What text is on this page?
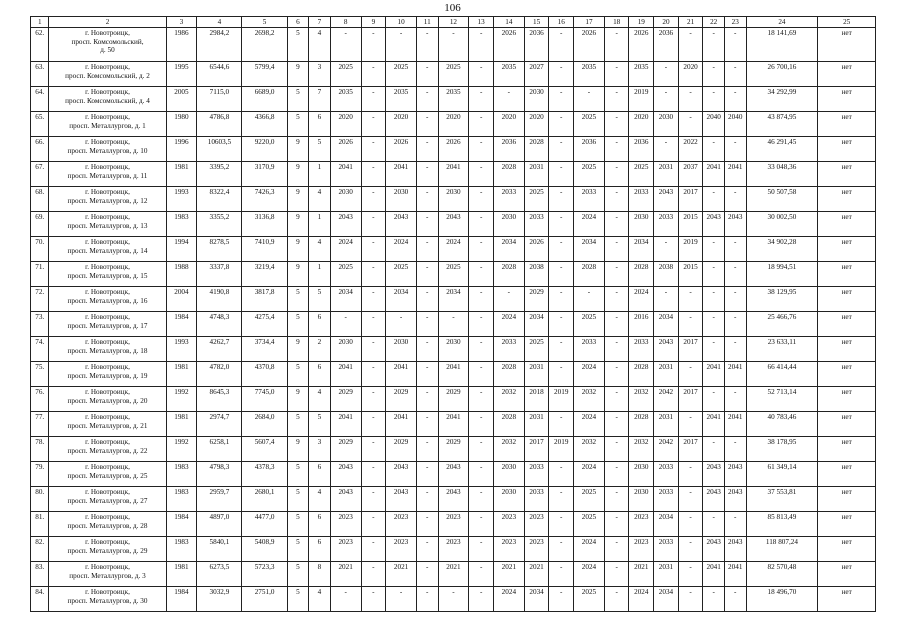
106
1	2	3	4	5	6	7	8	9	10	11	12	13	14	15	16	17	18	19	20	21	22	23	24	25
62.	г. Новотроицк,
просп. Комсомольский,
д. 50	1986	2984,2	2698,2	5	4	-	-	-	-	-	-	2026	2036	-	2026	-	2026	2036	-	-	-	18 141,69	нет
63.	г. Новотроицк,
просп. Комсомольский, д. 2	1995	6544,6	5799,4	9	3	2025	-	2025	-	2025	-	2035	2027	-	2035	-	2035	-	2020	-	-	26 700,16	нет
64.	г. Новотроицк,
просп. Комсомольский, д. 4	2005	7115,0	6689,0	5	7	2035	-	2035	-	2035	-	-	2030	-	-	-	2019	-	-	-	-	34 292,99	нет
65.	г. Новотроицк,
просп. Металлургов, д. 1	1980	4786,8	4366,8	5	6	2020	-	2020	-	2020	-	2020	2020	-	2025	-	2020	2030	-	2040	2040	43 874,95	нет
66.	г. Новотроицк,
просп. Металлургов, д. 10	1996	10603,5	9220,0	9	5	2026	-	2026	-	2026	-	2036	2028	-	2036	-	2036	-	2022	-	-	46 291,45	нет
67.	г. Новотроицк,
просп. Металлургов, д. 11	1981	3395,2	3170,9	9	1	2041	-	2041	-	2041	-	2028	2031	-	2025	-	2025	2031	2037	2041	2041	33 048,36	нет
68.	г. Новотроицк,
просп. Металлургов, д. 12	1993	8322,4	7426,3	9	4	2030	-	2030	-	2030	-	2033	2025	-	2033	-	2033	2043	2017	-	-	50 507,58	нет
69.	г. Новотроицк,
просп. Металлургов, д. 13	1983	3355,2	3136,8	9	1	2043	-	2043	-	2043	-	2030	2033	-	2024	-	2030	2033	2015	2043	2043	30 002,50	нет
70.	г. Новотроицк,
просп. Металлургов, д. 14	1994	8278,5	7410,9	9	4	2024	-	2024	-	2024	-	2034	2026	-	2034	-	2034	-	2019	-	-	34 902,28	нет
71.	г. Новотроицк,
просп. Металлургов, д. 15	1988	3337,8	3219,4	9	1	2025	-	2025	-	2025	-	2028	2038	-	2028	-	2028	2038	2015	-	-	18 994,51	нет
72.	г. Новотроицк,
просп. Металлургов, д. 16	2004	4190,8	3817,8	5	5	2034	-	2034	-	2034	-	-	2029	-	-	-	2024	-	-	-	-	38 129,95	нет
73.	г. Новотроицк,
просп. Металлургов, д. 17	1984	4748,3	4275,4	5	6	-	-	-	-	-	-	2024	2034	-	2025	-	2016	2034	-	-	-	25 466,76	нет
74.	г. Новотроицк,
просп. Металлургов, д. 18	1993	4262,7	3734,4	9	2	2030	-	2030	-	2030	-	2033	2025	-	2033	-	2033	2043	2017	-	-	23 633,11	нет
75.	г. Новотроицк,
просп. Металлургов, д. 19	1981	4782,0	4370,8	5	6	2041	-	2041	-	2041	-	2028	2031	-	2024	-	2028	2031	-	2041	2041	66 414,44	нет
76.	г. Новотроицк,
просп. Металлургов, д. 20	1992	8645,3	7745,0	9	4	2029	-	2029	-	2029	-	2032	2018	2019	2032	-	2032	2042	2017	-	-	52 713,14	нет
77.	г. Новотроицк,
просп. Металлургов, д. 21	1981	2974,7	2684,0	5	5	2041	-	2041	-	2041	-	2028	2031	-	2024	-	2028	2031	-	2041	2041	40 783,46	нет
78.	г. Новотроицк,
просп. Металлургов, д. 22	1992	6258,1	5607,4	9	3	2029	-	2029	-	2029	-	2032	2017	2019	2032	-	2032	2042	2017	-	-	38 178,95	нет
79.	г. Новотроицк,
просп. Металлургов, д. 25	1983	4798,3	4378,3	5	6	2043	-	2043	-	2043	-	2030	2033	-	2024	-	2030	2033	-	2043	2043	61 349,14	нет
80.	г. Новотроицк,
просп. Металлургов, д. 27	1983	2959,7	2680,1	5	4	2043	-	2043	-	2043	-	2030	2033	-	2025	-	2030	2033	-	2043	2043	37 553,81	нет
81.	г. Новотроицк,
просп. Металлургов, д. 28	1984	4897,0	4477,0	5	6	2023	-	2023	-	2023	-	2023	2023	-	2025	-	2023	2034	-	-	-	85 813,49	нет
82.	г. Новотроицк,
просп. Металлургов, д. 29	1983	5840,1	5408,9	5	6	2023	-	2023	-	2023	-	2023	2023	-	2024	-	2023	2033	-	2043	2043	118 807,24	нет
83.	г. Новотроицк,
просп. Металлургов, д. 3	1981	6273,5	5723,3	5	8	2021	-	2021	-	2021	-	2021	2021	-	2024	-	2021	2031	-	2041	2041	82 570,48	нет
84.	г. Новотроицк,
просп. Металлургов, д. 30	1984	3032,9	2751,0	5	4	-	-	-	-	-	-	2024	2034	-	2025	-	2024	2034	-	-	-	18 496,70	нет
